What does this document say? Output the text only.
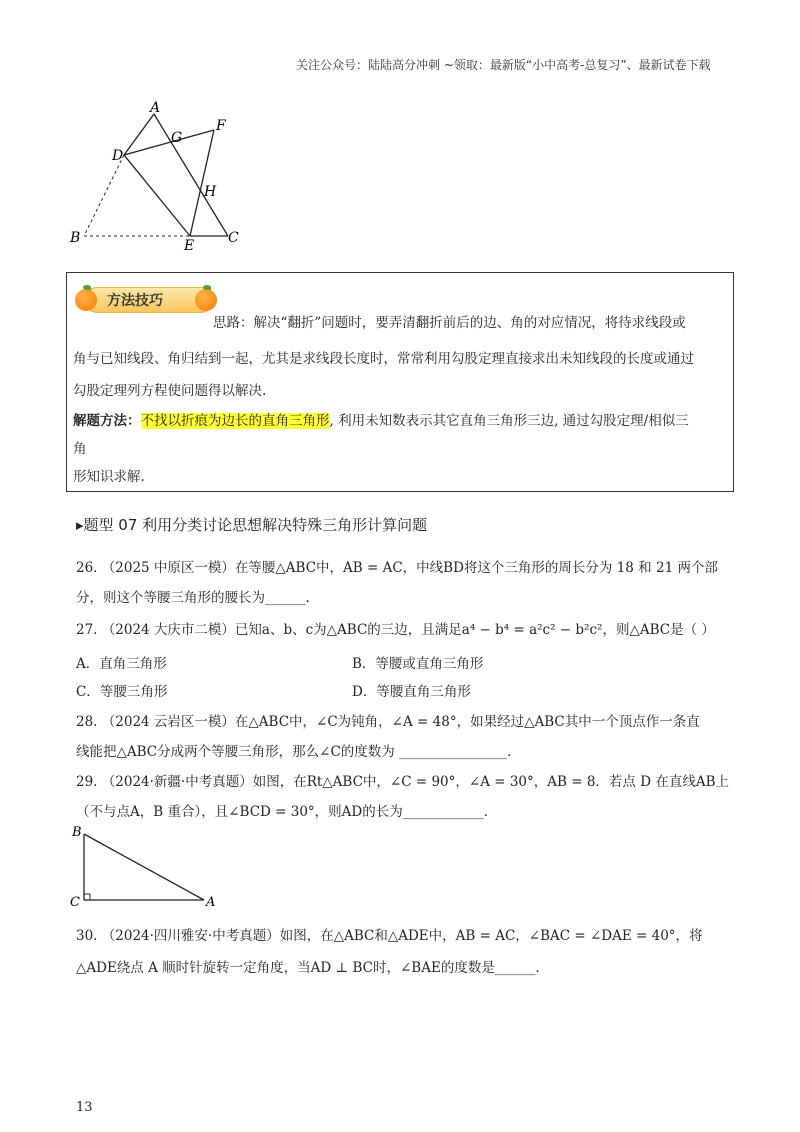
关注公众号：陆陆高分冲刺 ~领取：最新版“小中高考-总复习”、最新试卷下载
A
G
F
D
H
B	E C
方法技巧
思路：解决“翻折”问题时，要弄清翻折前后的边、角的对应情况，将待求线段或
角与已知线段、角归结到一起，尤其是求线段长度时，常常利用勾股定理直接求出未知线段的长度或通过
勾股定理列方程使问题得以解决.
解题方法：不找以折痕为边长的直角三角形, 利用未知数表示其它直角三角形三边, 通过勾股定理/相似三
角
形知识求解.
▸题型 07 利用分类讨论思想解决特殊三角形计算问题
26. （2025 中原区一模）在等腰△ABC中，AB = AC，中线BD将这个三角形的周长分为 18 和 21 两个部
分，则这个等腰三角形的腰长为______.
27. （2024 大庆市二模）已知a、b、c为△ABC的三边，且满足a⁴ − b⁴ = a²c² − b²c²，则△ABC是（ ）
A．直角三角形	B．等腰或直角三角形
C．等腰三角形	D．等腰直角三角形
28. （2024 云岩区一模）在△ABC中，∠C为钝角，∠A = 48°，如果经过△ABC其中一个顶点作一条直
线能把△ABC分成两个等腰三角形，那么∠C的度数为 ________________.
29. （2024·新疆·中考真题）如图，在Rt△ABC中，∠C = 90°，∠A = 30°，AB = 8．若点 D 在直线AB上
（不与点A，B 重合），且∠BCD = 30°，则AD的长为____________.
B
C	A
30. （2024·四川雅安·中考真题）如图，在△ABC和△ADE中，AB = AC，∠BAC = ∠DAE = 40°，将
△ADE绕点 A 顺时针旋转一定角度，当AD ⊥ BC时，∠BAE的度数是______.
13
